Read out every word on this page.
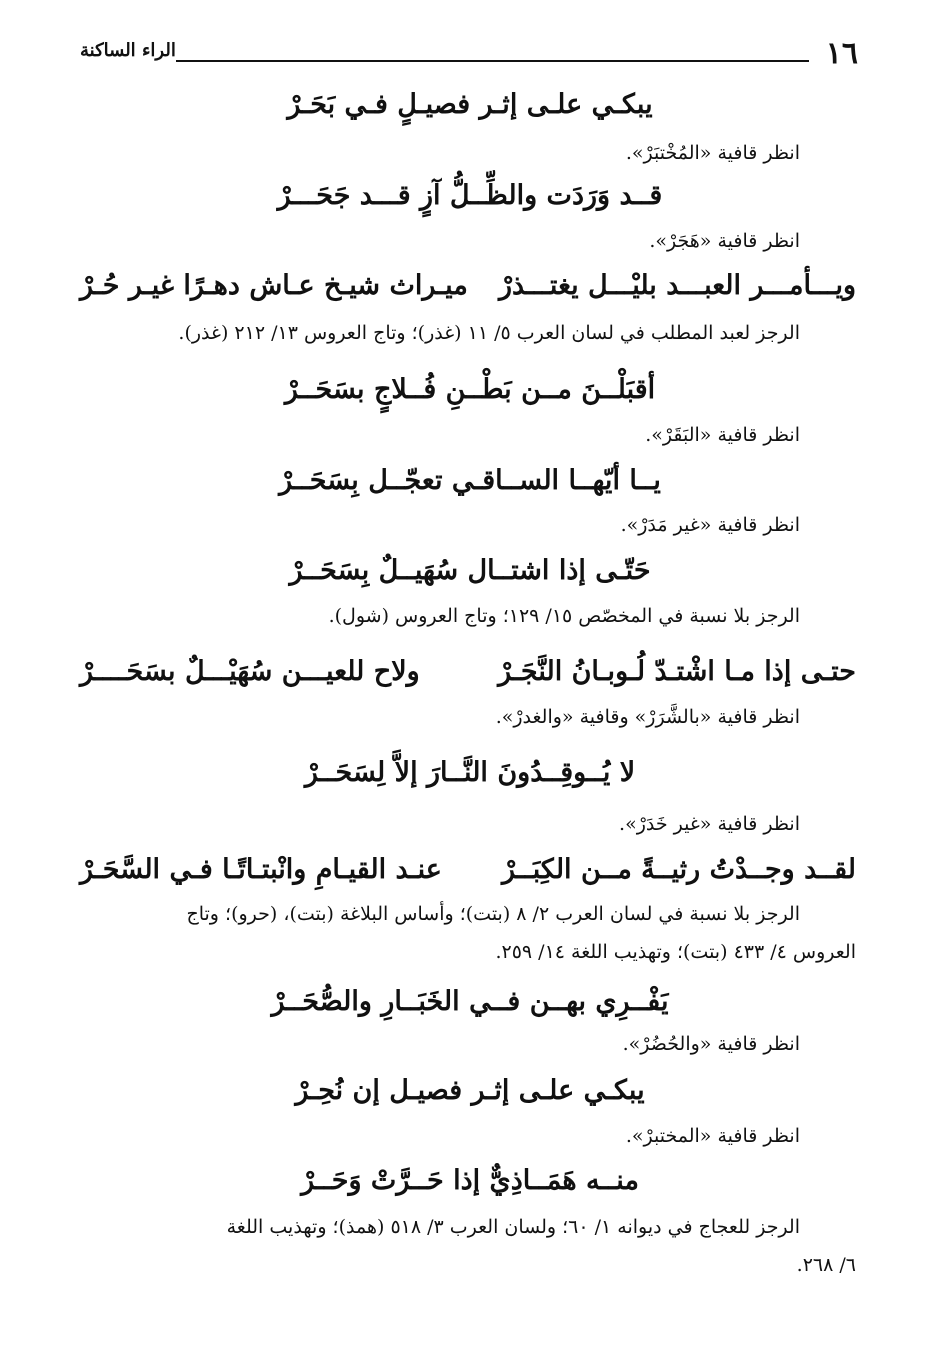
١٦
الراء الساكنة
يبكـي علـى إثـر فصيـلٍ فـي بَحَـرْ
انظر قافية «المُخْتبَرْ».
قــد وَرَدَت والظِّــلُّ آزٍ قـــد جَحَـــرْ
انظر قافية «هَجَرْ».
ويـــأمـــر العبـــد بليْـــل يغتـــذرْ
ميـراث شيـخ عـاش دهـرًا غيـر حُـرْ
الرجز لعبد المطلب في لسان العرب ٥/ ١١ (غذر)؛ وتاج العروس ١٣/ ٢١٢ (غذر).
أقبَلْــنَ مــن بَطْــنِ فُــلاجٍ بسَحَــرْ
انظر قافية «البَقَرْ».
يــا أيّهــا الســاقـي تعجّــل بِسَحَــرْ
انظر قافية «غير مَدَرْ».
حَتّـى إذا اشتــال سُهَيــلٌ بِسَحَــرْ
الرجز بلا نسبة في المخصّص ١٥/ ١٢٩؛ وتاج العروس (شول).
حتـى إذا مـا اشْتـدّ لُـوبـانُ النَّجَـرْ
ولاح للعيـــن سُهَيْـــلٌ بسَحَــــرْ
انظر قافية «بالشَّرَرْ» وقافية «والغدرْ».
لا يُــوقِــدُونَ النَّــارَ إلاَّ لِسَحَــرْ
انظر قافية «غير خَدَرْ».
لقــد وجــدْتُ رثيــةً مــن الكِبَــرْ
عنـد القيـامِ وانْبتـاتًـا فـي السَّحَـرْ
الرجز بلا نسبة في لسان العرب ٢/ ٨ (بتت)؛ وأساس البلاغة (بتت)، (حرو)؛ وتاج
العروس ٤/ ٤٣٣ (بتت)؛ وتهذيب اللغة ١٤/ ٢٥٩.
يَفْــرِي بهــن فــي الخَبَــارِ والصُّحَــرْ
انظر قافية «والحُضُرْ».
يبكـي علـى إثـر فصيـل إن نُحِـرْ
انظر قافية «المختبرْ».
منــه هَمَــاذِيٌّ إذا حَــرَّتْ وَحَــرْ
الرجز للعجاج في ديوانه ١/ ٦٠؛ ولسان العرب ٣/ ٥١٨ (همذ)؛ وتهذيب اللغة
٦/ ٢٦٨.
